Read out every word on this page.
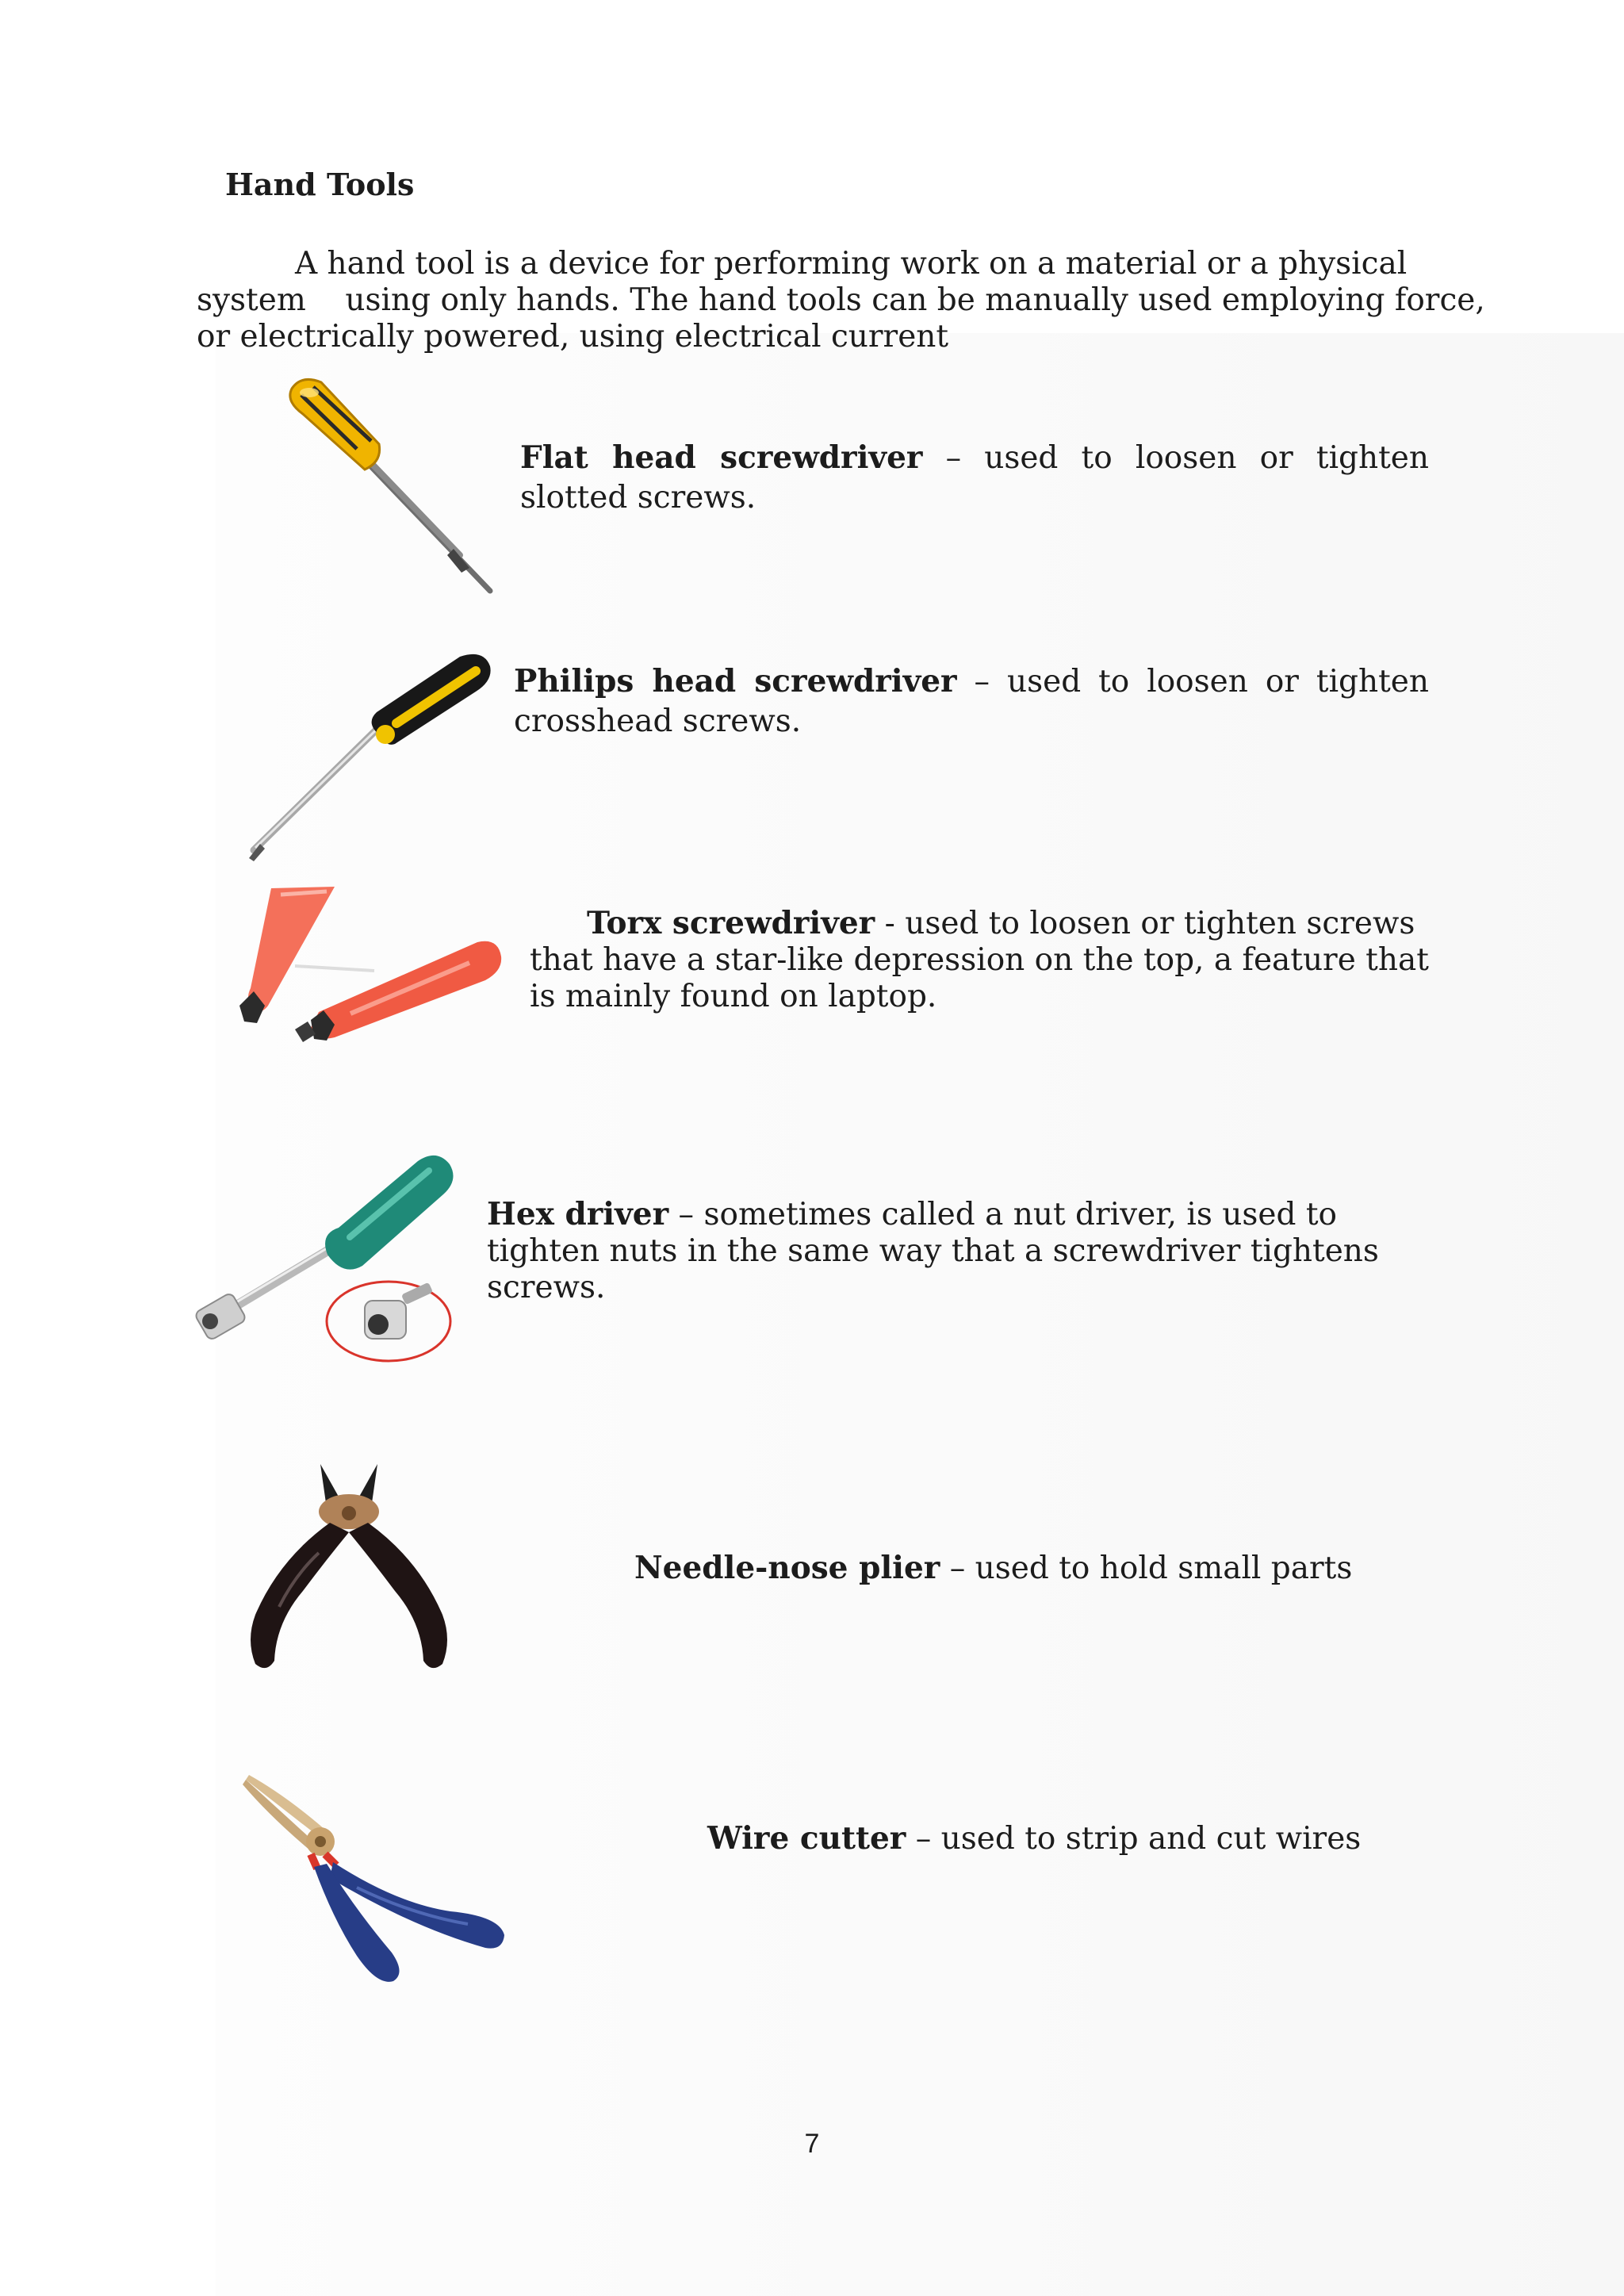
Hand Tools

A hand tool is a device for performing work on a material or a physical

system    using only hands. The hand tools can be manually used employing force,

or electrically powered, using electrical current

Flat head screwdriver – used to loosen or tighten slotted screws.

Philips head screwdriver – used to loosen or tighten crosshead screws.

Torx screwdriver - used to loosen or tighten screws that have a star-like depression on the top, a feature that is mainly found on laptop.

Hex driver – sometimes called a nut driver, is used to tighten nuts in the same way that a screwdriver tightens screws.

Needle-nose plier – used to hold small parts

Wire cutter – used to strip and cut wires

7
